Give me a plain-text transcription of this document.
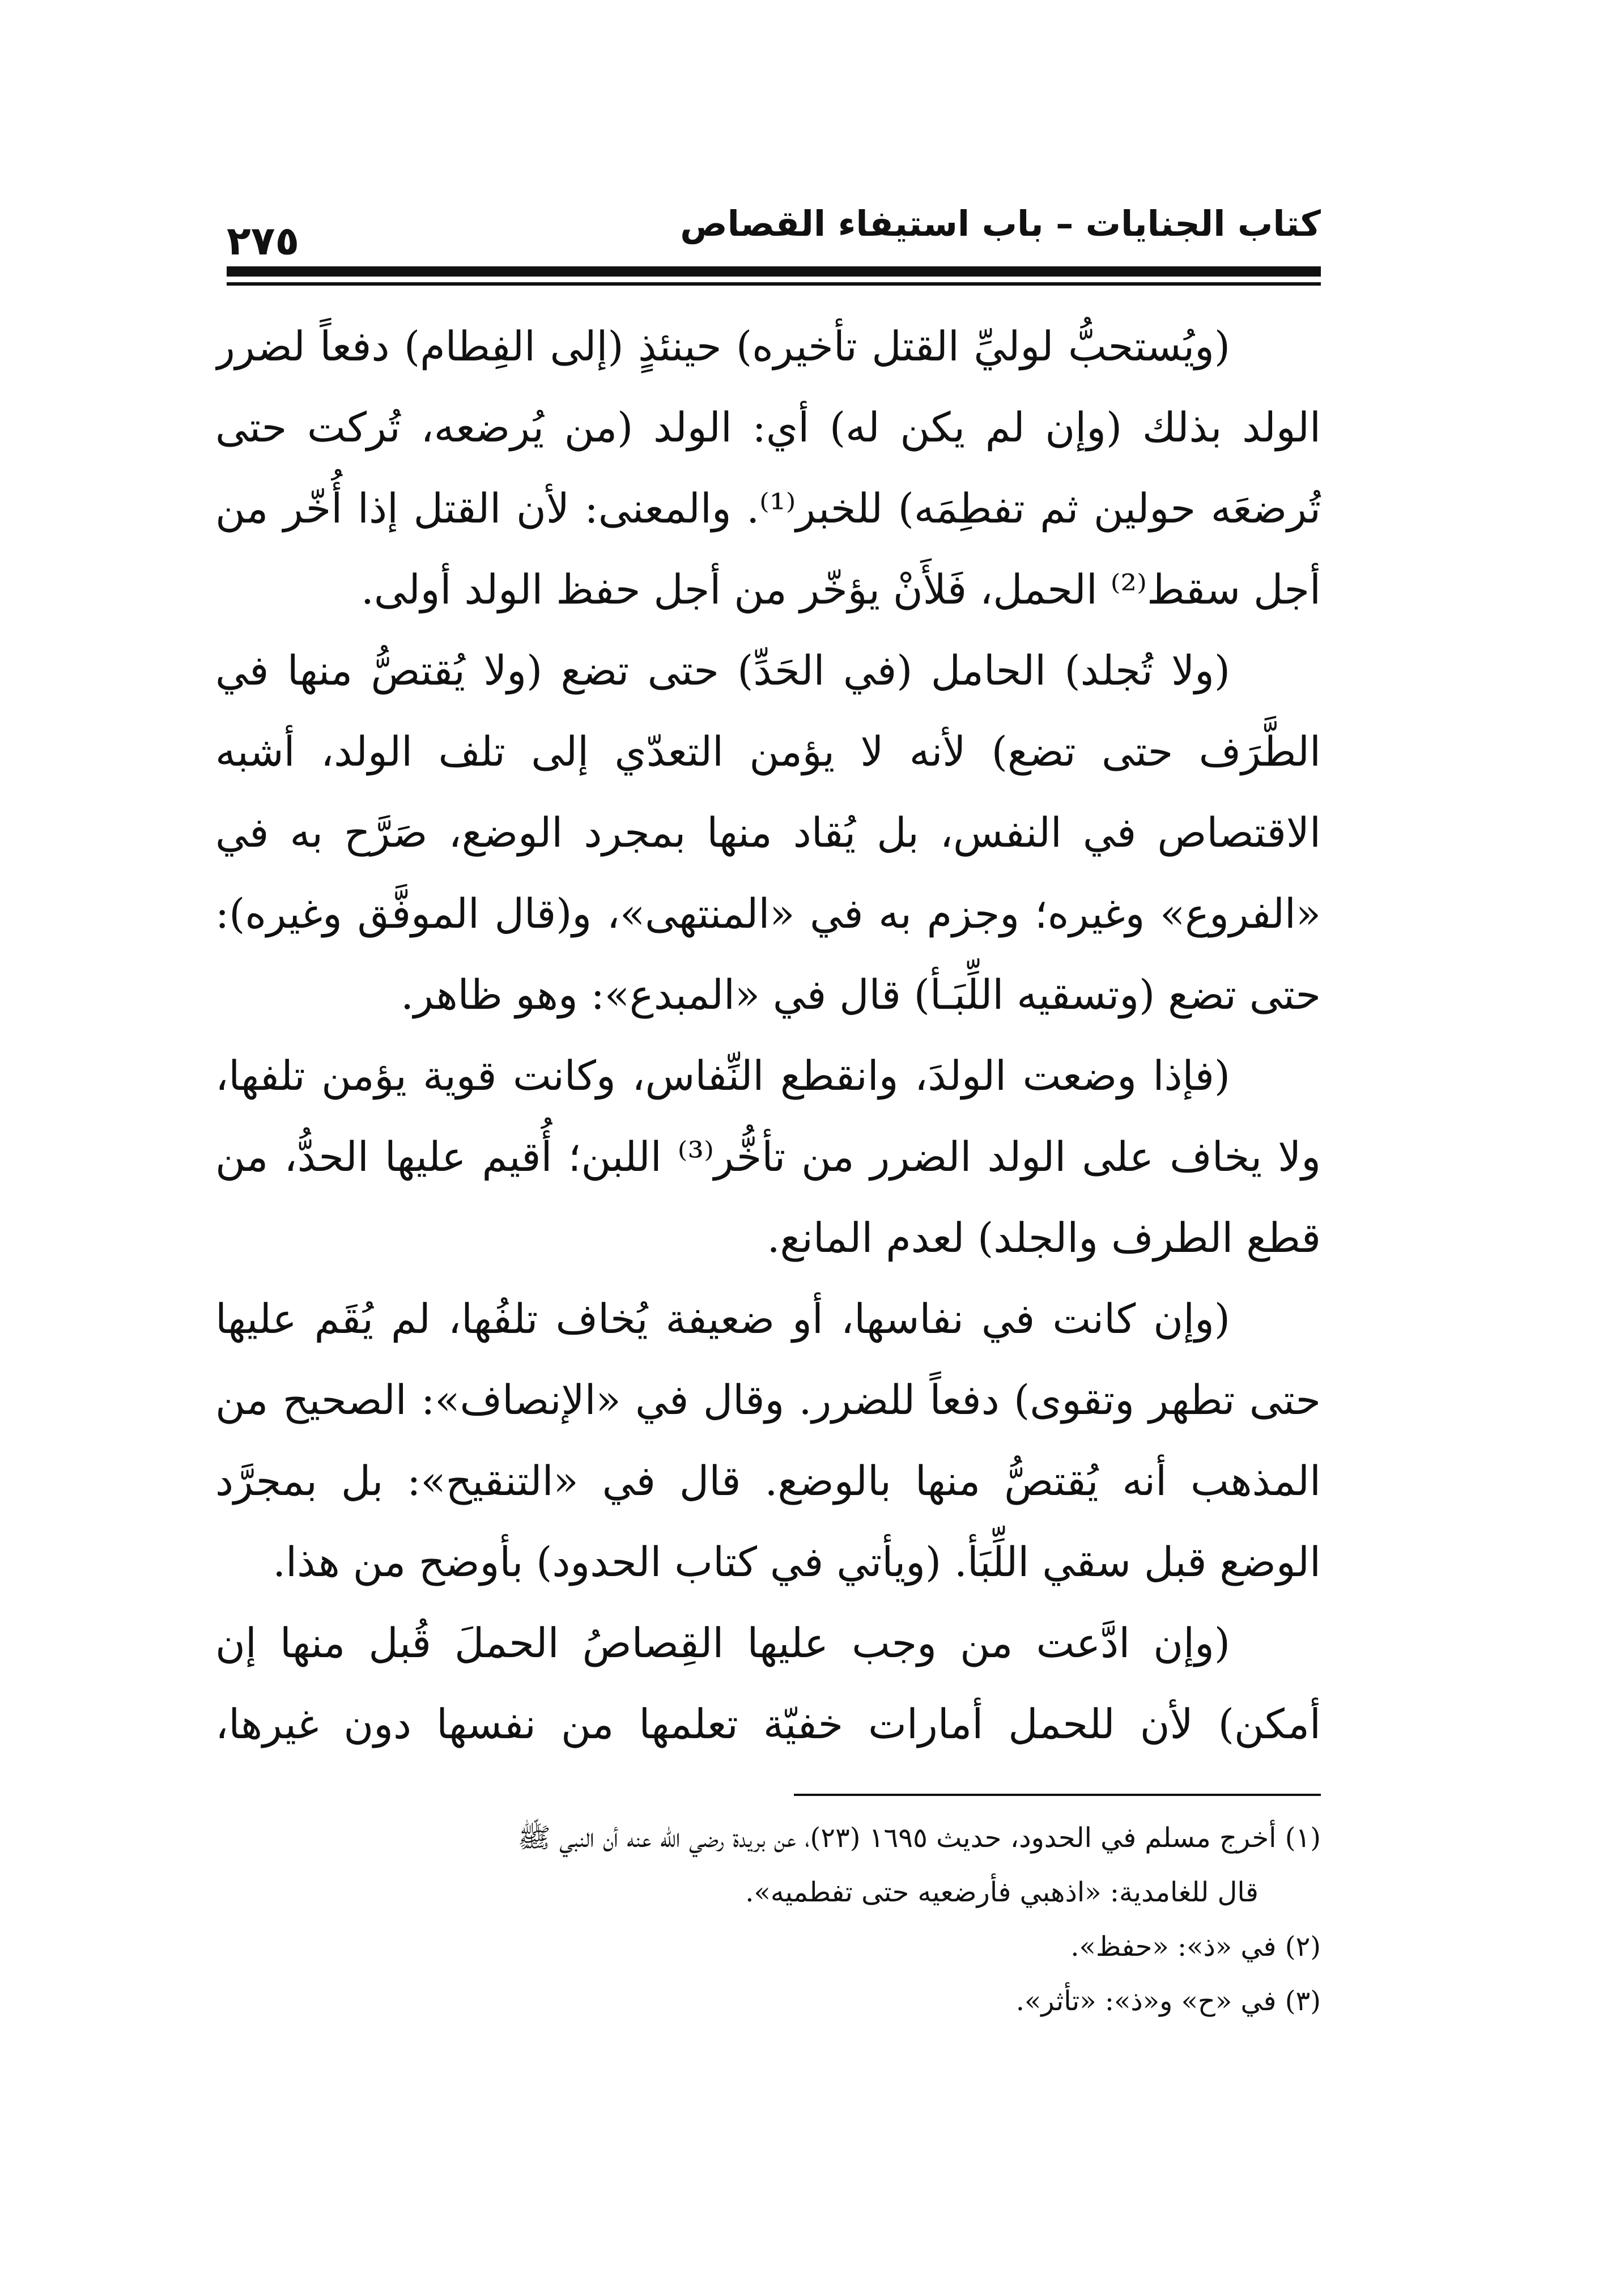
كتاب الجنايات – باب استيفاء القصاص
٢٧٥

(ويُستحبُّ لوليِّ القتل تأخيره) حينئذٍ (إلى الفِطام) دفعاً لضرر الولد بذلك (وإن لم يكن له) أي: الولد (من يُرضعه، تُركت حتى تُرضعَه حولين ثم تفطِمَه) للخبر⁽¹⁾. والمعنى: لأن القتل إذا أُخّر من أجل سقط⁽²⁾ الحمل، فَلأَنْ يؤخّر من أجل حفظ الولد أولى.

(ولا تُجلد) الحامل (في الحَدِّ) حتى تضع (ولا يُقتصُّ منها في الطَّرَف حتى تضع) لأنه لا يؤمن التعدّي إلى تلف الولد، أشبه الاقتصاص في النفس، بل يُقاد منها بمجرد الوضع، صَرَّح به في «الفروع» وغيره؛ وجزم به في «المنتهى»، و(قال الموفَّق وغيره): حتى تضع (وتسقيه اللِّبَـأ) قال في «المبدع»: وهو ظاهر.

(فإذا وضعت الولدَ، وانقطع النِّفاس، وكانت قوية يؤمن تلفها، ولا يخاف على الولد الضرر من تأخُّر⁽³⁾ اللبن؛ أُقيم عليها الحدُّ، من قطع الطرف والجلد) لعدم المانع.

(وإن كانت في نفاسها، أو ضعيفة يُخاف تلفُها، لم يُقَم عليها حتى تطهر وتقوى) دفعاً للضرر. وقال في «الإنصاف»: الصحيح من المذهب أنه يُقتصُّ منها بالوضع. قال في «التنقيح»: بل بمجرَّد الوضع قبل سقي اللِّبَأ. (ويأتي في كتاب الحدود) بأوضح من هذا.

(وإن ادَّعت من وجب عليها القِصاصُ الحملَ قُبل منها إن أمكن) لأن للحمل أمارات خفيّة تعلمها من نفسها دون غيرها،

(١) أخرج مسلم في الحدود، حديث ١٦٩٥ (٢٣)، عن بريدة رضي الله عنه أن النبي ﷺ

قال للغامدية: «اذهبي فأرضعيه حتى تفطميه».

(٢) في «ذ»: «حفظ».

(٣) في «ح» و«ذ»: «تأثر».
